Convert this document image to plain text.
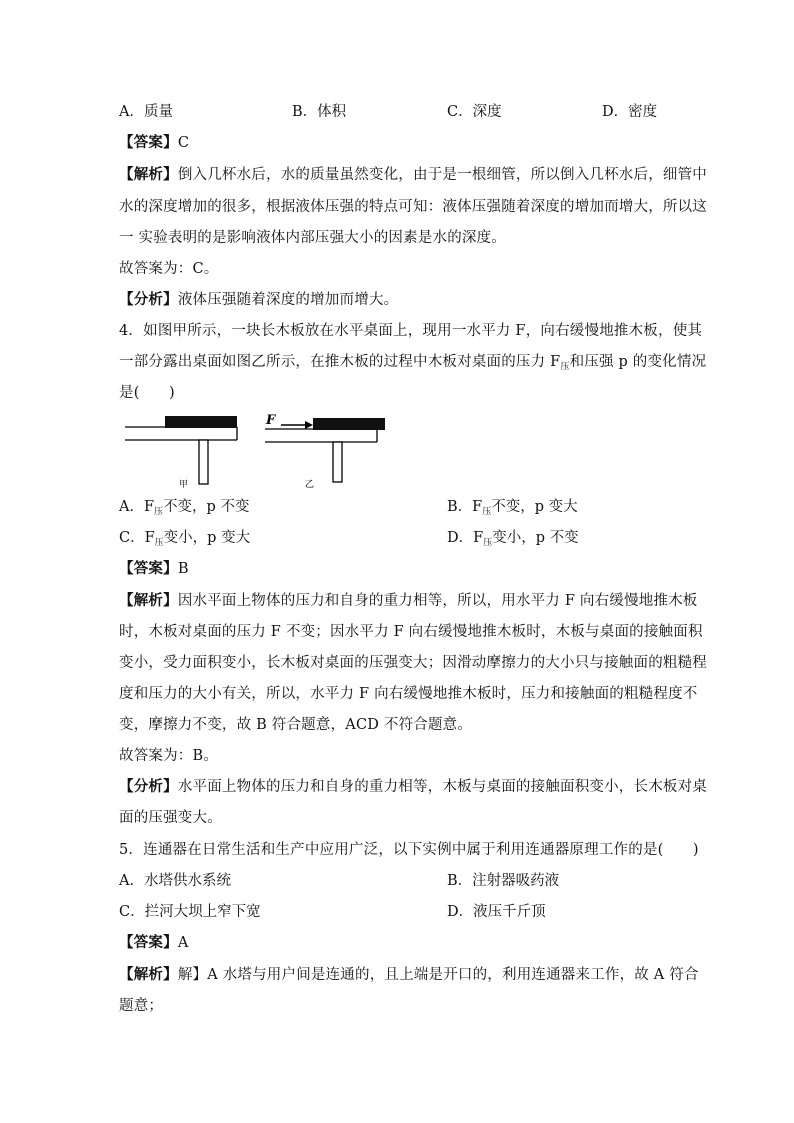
A．质量	B．体积	C．深度	D．密度
【答案】C
【解析】倒入几杯水后，水的质量虽然变化，由于是一根细管，所以倒入几杯水后，细管中
水的深度增加的很多，根据液体压强的特点可知：液体压强随着深度的增加而增大，所以这
一 实验表明的是影响液体内部压强大小的因素是水的深度。
故答案为：C。
【分析】液体压强随着深度的增加而增大。
4．如图甲所示，一块长木板放在水平桌面上，现用一水平力 F，向右缓慢地推木板，使其
一部分露出桌面如图乙所示，在推木板的过程中木板对桌面的压力 $F_压$和压强 p 的变化情况
是(　　)
甲
F
乙
A．$F_压$不变，p 不变	B．$F_压$不变，p 变大
C．$F_压$变小，p 变大	D．$F_压$变小，p 不变
【答案】B
【解析】因水平面上物体的压力和自身的重力相等，所以，用水平力 F 向右缓慢地推木板
时，木板对桌面的压力 F 不变；因水平力 F 向右缓慢地推木板时，木板与桌面的接触面积
变小，受力面积变小，长木板对桌面的压强变大；因滑动摩擦力的大小只与接触面的粗糙程
度和压力的大小有关，所以，水平力 F 向右缓慢地推木板时，压力和接触面的粗糙程度不
变，摩擦力不变，故 B 符合题意，ACD 不符合题意。
故答案为：B。
【分析】水平面上物体的压力和自身的重力相等，木板与桌面的接触面积变小，长木板对桌
面的压强变大。
5．连通器在日常生活和生产中应用广泛，以下实例中属于利用连通器原理工作的是(　　)
A．水塔供水系统	B．注射器吸药液
C．拦河大坝上窄下宽	D．液压千斤顶
【答案】A
【解析】解】A 水塔与用户间是连通的，且上端是开口的，利用连通器来工作，故 A 符合
题意；
